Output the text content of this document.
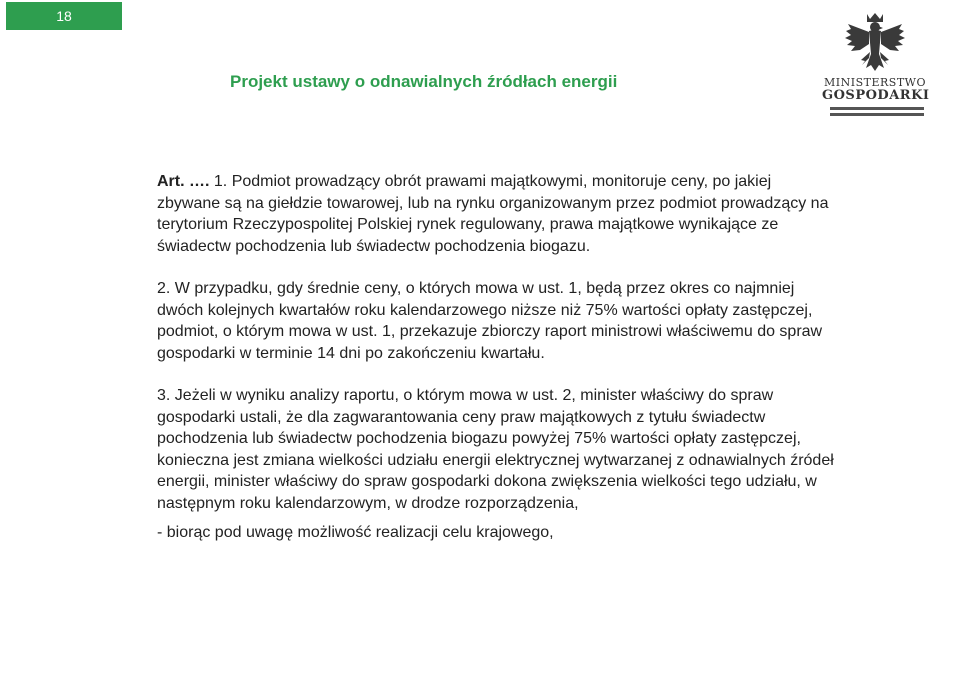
18
Projekt ustawy o odnawialnych źródłach energii	MINISTERSTWO
GOSPODARKI

Art. …. 1. Podmiot prowadzący obrót prawami majątkowymi, monitoruje ceny, po jakiej zbywane są na giełdzie towarowej, lub na rynku organizowanym przez podmiot prowadzący na terytorium Rzeczypospolitej Polskiej rynek regulowany, prawa majątkowe wynikające ze świadectw pochodzenia lub świadectw pochodzenia biogazu.

2. W przypadku, gdy średnie ceny, o których mowa w ust. 1, będą przez okres co najmniej dwóch kolejnych kwartałów roku kalendarzowego niższe niż 75% wartości opłaty zastępczej, podmiot, o którym mowa w ust. 1, przekazuje zbiorczy raport ministrowi właściwemu do spraw gospodarki w terminie 14 dni po zakończeniu kwartału.

3. Jeżeli w wyniku analizy raportu, o którym mowa w ust. 2, minister właściwy do spraw gospodarki ustali, że dla zagwarantowania ceny praw majątkowych z tytułu świadectw pochodzenia lub świadectw pochodzenia biogazu powyżej 75% wartości opłaty zastępczej, konieczna jest zmiana wielkości udziału energii elektrycznej wytwarzanej z odnawialnych źródeł energii, minister właściwy do spraw gospodarki dokona zwiększenia wielkości tego udziału, w następnym roku kalendarzowym, w drodze rozporządzenia,

- biorąc pod uwagę możliwość realizacji celu krajowego,
